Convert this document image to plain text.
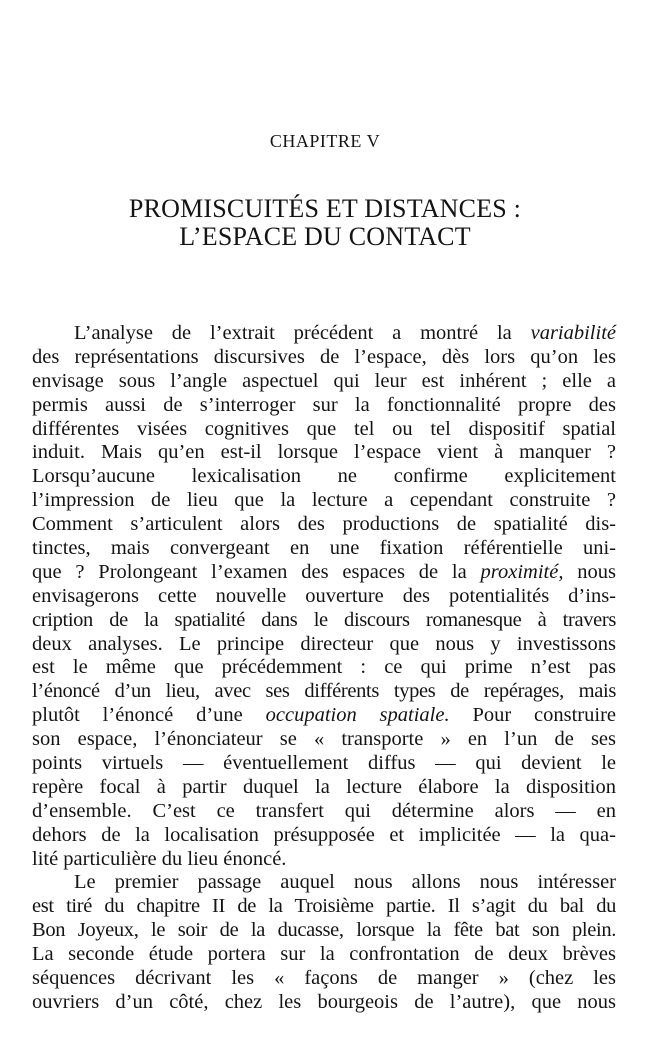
CHAPITRE V
PROMISCUITÉS ET DISTANCES :
L’ESPACE DU CONTACT
L’analyse de l’extrait précédent a montré la variabilité
des représentations discursives de l’espace, dès lors qu’on les
envisage sous l’angle aspectuel qui leur est inhérent ; elle a
permis aussi de s’interroger sur la fonctionnalité propre des
différentes visées cognitives que tel ou tel dispositif spatial
induit. Mais qu’en est-il lorsque l’espace vient à manquer ?
Lorsqu’aucune lexicalisation ne confirme explicitement
l’impression de lieu que la lecture a cependant construite ?
Comment s’articulent alors des productions de spatialité dis-
tinctes, mais convergeant en une fixation référentielle uni-
que ? Prolongeant l’examen des espaces de la proximité, nous
envisagerons cette nouvelle ouverture des potentialités d’ins-
cription de la spatialité dans le discours romanesque à travers
deux analyses. Le principe directeur que nous y investissons
est le même que précédemment : ce qui prime n’est pas
l’énoncé d’un lieu, avec ses différents types de repérages, mais
plutôt l’énoncé d’une occupation spatiale. Pour construire
son espace, l’énonciateur se « transporte » en l’un de ses
points virtuels — éventuellement diffus — qui devient le
repère focal à partir duquel la lecture élabore la disposition
d’ensemble. C’est ce transfert qui détermine alors — en
dehors de la localisation présupposée et implicitée — la qua-
lité particulière du lieu énoncé.
Le premier passage auquel nous allons nous intéresser
est tiré du chapitre II de la Troisième partie. Il s’agit du bal du
Bon Joyeux, le soir de la ducasse, lorsque la fête bat son plein.
La seconde étude portera sur la confrontation de deux brèves
séquences décrivant les « façons de manger » (chez les
ouvriers d’un côté, chez les bourgeois de l’autre), que nous
